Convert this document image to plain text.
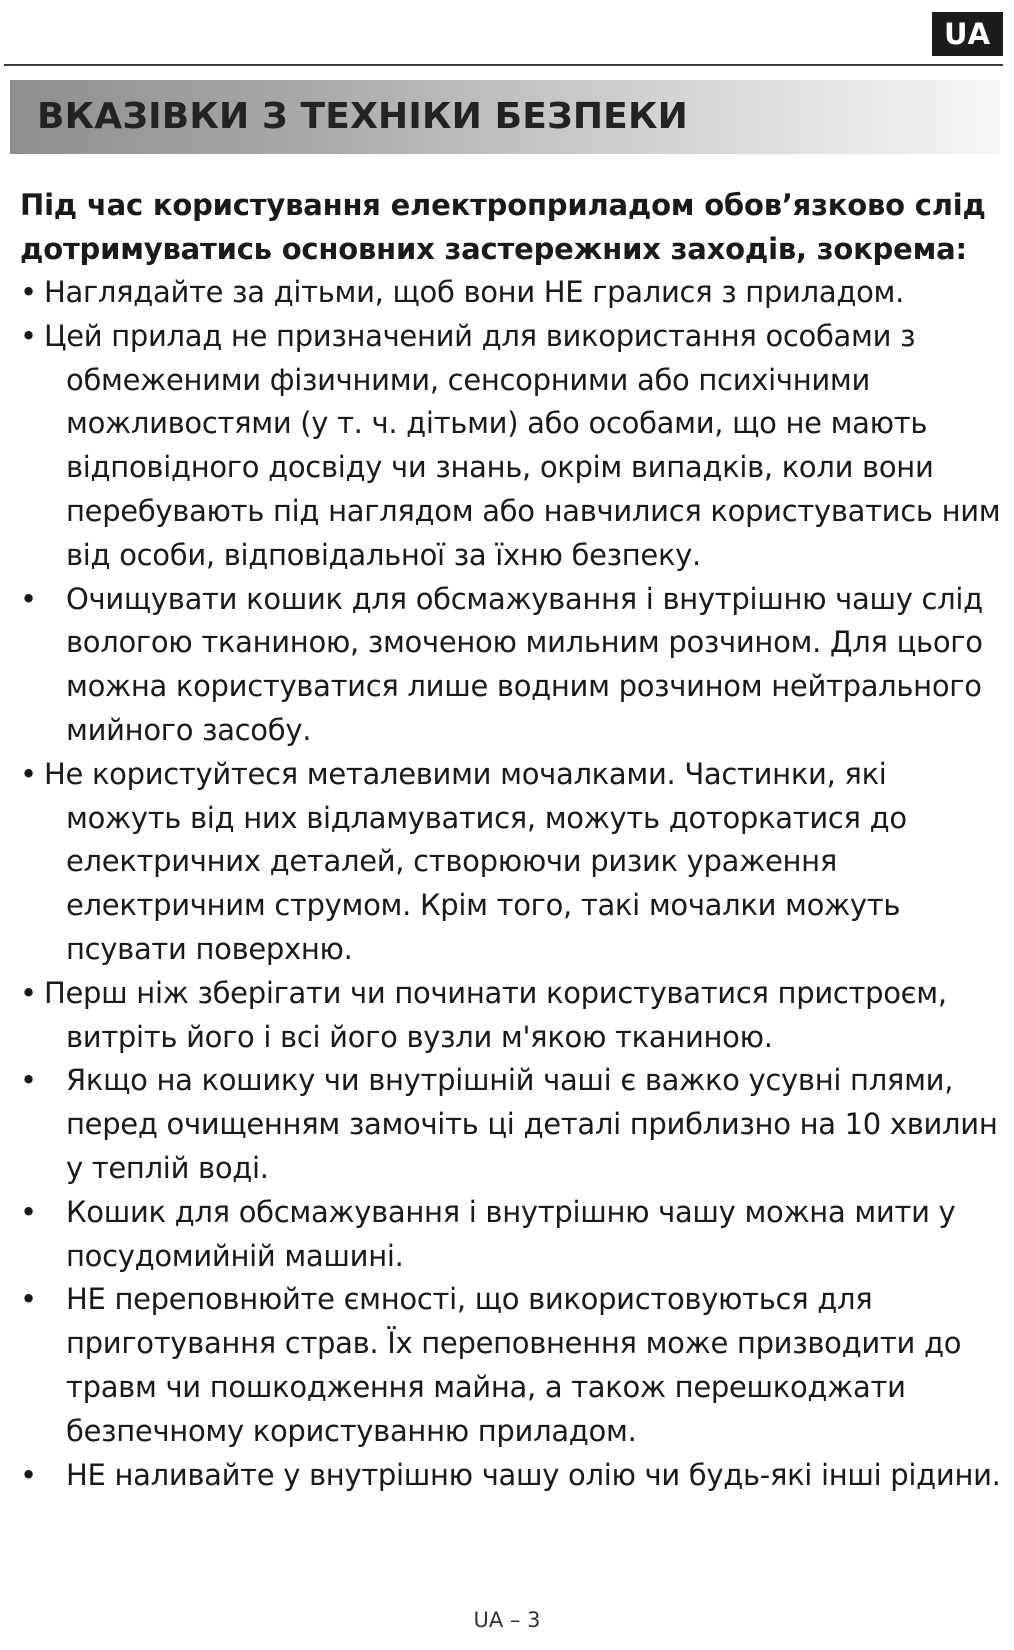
UA
ВКАЗІВКИ З ТЕХНІКИ БЕЗПЕКИ

Під час користування електроприладом обов’язково слід дотримуватись основних застережних заходів, зокрема:

• Наглядайте за дітьми, щоб вони НЕ гралися з приладом.
• Цей прилад не призначений для використання особами з обмеженими фізичними, сенсорними або психічними можливостями (у т. ч. дітьми) або особами, що не мають відповідного досвіду чи знань, окрім випадків, коли вони перебувають під наглядом або навчилися користуватись ним від особи, відповідальної за їхню безпеку.
•	Очищувати кошик для обсмажування і внутрішню чашу слід вологою тканиною, змоченою мильним розчином. Для цього можна користуватися лише водним розчином нейтрального мийного засобу.
• Не користуйтеся металевими мочалками. Частинки, які можуть від них відламуватися, можуть доторкатися до електричних деталей, створюючи ризик ураження електричним струмом. Крім того, такі мочалки можуть псувати поверхню.
• Перш ніж зберігати чи починати користуватися пристроєм, витріть його і всі його вузли м'якою тканиною.
•	Якщо на кошику чи внутрішній чаші є важко усувні плями, перед очищенням замочіть ці деталі приблизно на 10 хвилин у теплій воді.
•	Кошик для обсмажування і внутрішню чашу можна мити у посудомийній машині.
•	НЕ переповнюйте ємності, що використовуються для приготування страв. Їх переповнення може призводити до травм чи пошкодження майна, а також перешкоджати безпечному користуванню приладом.
•	НЕ наливайте у внутрішню чашу олію чи будь-які інші рідини.
UA – 3
